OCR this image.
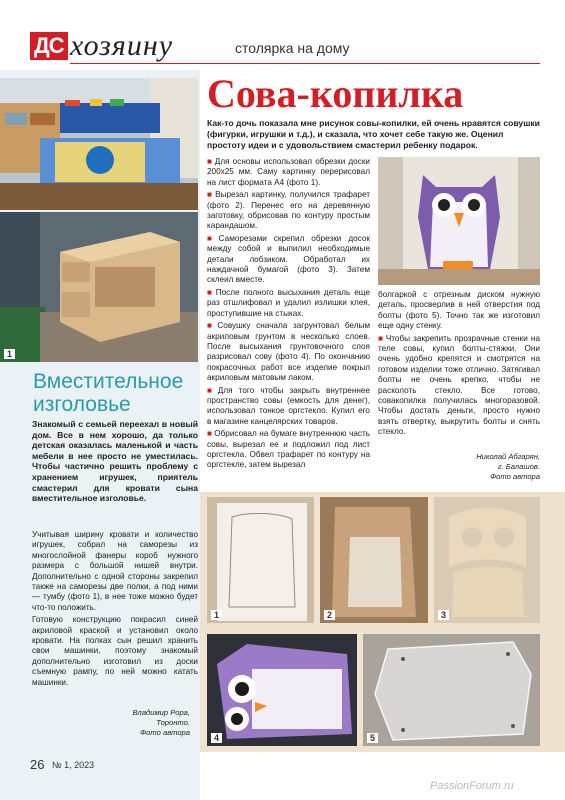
ДС хозяину	столярка на дому
1
Вместительное изголовье
Знакомый с семьей переехал в новый дом. Все в нем хорошо, да только детская оказалась маленькой и часть мебели в нее просто не уместилась. Чтобы частично решить проблему с хранением игрушек, приятель смастерил для кровати сына вместительное изголовье.

Учитывая ширину кровати и количество игрушек, собрал на саморезы из многослойной фанеры короб нужного размера с большой нишей внутри. Дополнительно с одной стороны закрепил также на саморезы две полки, а под ними — тумбу (фото 1), в нее тоже можно будет что-то положить.

Готовую конструкцию покрасил синей акриловой краской и установил около кровати. На полках сын решил хранить свои машинки, поэтому знакомый дополнительно изготовил из доски съемную рампу, по ней можно катать машинки.

Владимир Рора,
Торонто.
Фото автора
Сова-копилка
Как-то дочь показала мне рисунок совы-копилки, ей очень нравятся совушки (фигурки, игрушки и т.д.), и сказала, что хочет себе такую же. Оценил простоту идеи и с удовольствием смастерил ребенку подарок.

■ Для основы использовал обрезки доски 200х25 мм. Саму картинку перерисовал на лист формата А4 (фото 1).

■ Вырезал картинку, получился трафарет (фото 2). Перенес его на деревянную заготовку, обрисовав по контуру простым карандашом.

■ Саморезами скрепил обрезки досок между собой и выпилил необходимые детали лобзиком. Обработал их наждачной бумагой (фото 3). Затем склеил вместе.

■ После полного высыхания деталь еще раз отшлифовал и удалил излишки клея, проступившие на стыках.

■ Совушку сначала загрунтовал белым акриловым грунтом в несколько слоев. После высыхания грунтовочного слоя разрисовал сову (фото 4). По окончанию покрасочных работ все изделие покрыл акриловым матовым лаком.

■ Для того чтобы закрыть внутреннее пространство совы (емкость для денег), использовал тонкое оргстекло. Купил его в магазине канцелярских товаров.

■ Обрисовал на бумаге внутреннюю часть совы, вырезал ее и подложил под лист оргстекла. Обвел трафарет по контуру на оргстекле, затем вырезал

болгаркой с отрезным диском нужную деталь, просверлив в ней отверстия под болты (фото 5). Точно так же изготовил еще одну стенку.

■ Чтобы закрепить прозрачные стенки на теле совы, купил болты-стяжки. Они очень удобно крепятся и смотрятся на готовом изделии тоже отлично. Затягивал болты не очень крепко, чтобы не расколоть стекло. Все готово, совакопилка получилась многоразовой. Чтобы достать деньги, просто нужно взять отвертку, выкрутить болты и снять стекло.

Николай Абгарян,
г. Балашов.
Фото автора
1	2	3
4	5
26 № 1, 2023
PassionForum.ru
